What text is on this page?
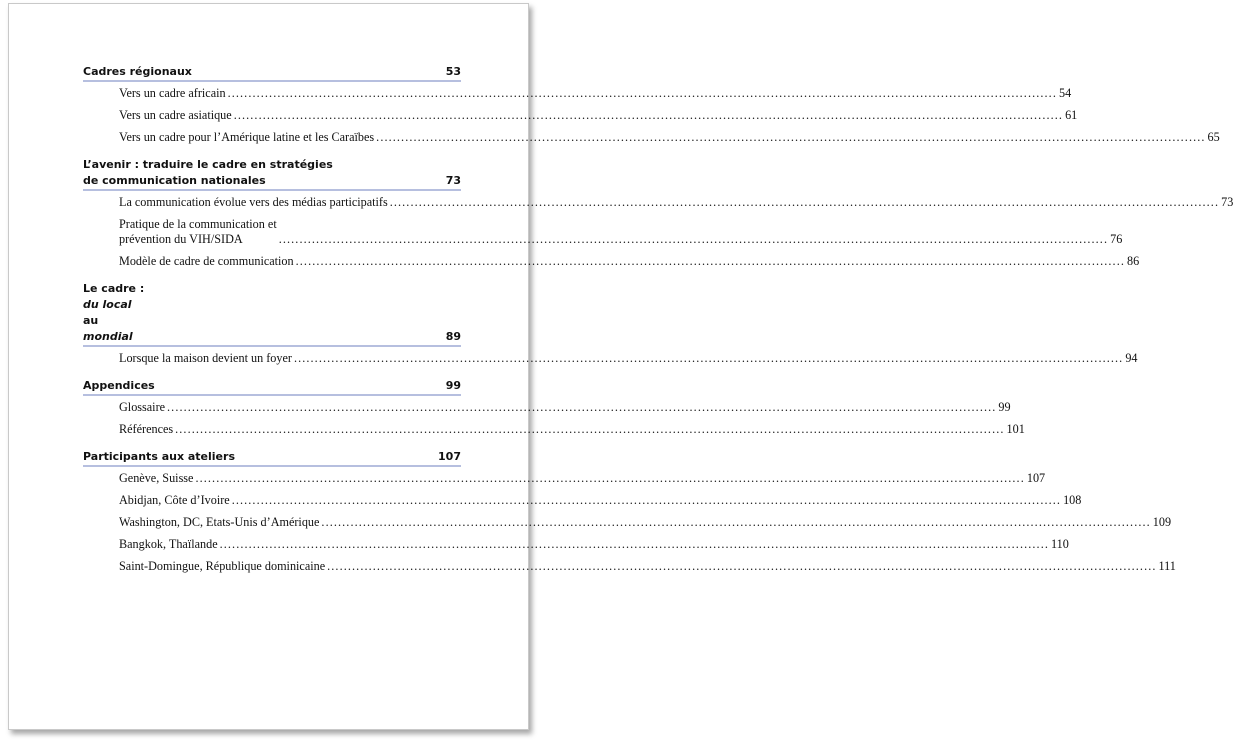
Cadres régionaux	53
Vers un cadre africain ........................................................................................................................................................................................................ 54
Vers un cadre asiatique ........................................................................................................................................................................................................ 61
Vers un cadre pour l’Amérique latine et les Caraïbes ........................................................................................................................................................................................................ 65
L’avenir : traduire le cadre en stratégies
de communication nationales	73
La communication évolue vers des médias participatifs ........................................................................................................................................................................................................ 73
Pratique de la communication et
prévention du VIH/SIDA	........................................................................................................................................................................................................ 76
Modèle de cadre de communication ........................................................................................................................................................................................................ 86
Le cadre :
du local
au
mondial	89
Lorsque la maison devient un foyer ........................................................................................................................................................................................................ 94
Appendices	99
Glossaire ........................................................................................................................................................................................................ 99
Références ........................................................................................................................................................................................................ 101
Participants aux ateliers	107
Genève, Suisse ........................................................................................................................................................................................................ 107
Abidjan, Côte d’Ivoire ........................................................................................................................................................................................................ 108
Washington, DC, Etats-Unis d’Amérique ........................................................................................................................................................................................................ 109
Bangkok, Thaïlande ........................................................................................................................................................................................................ 110
Saint-Domingue, République dominicaine ........................................................................................................................................................................................................ 111
